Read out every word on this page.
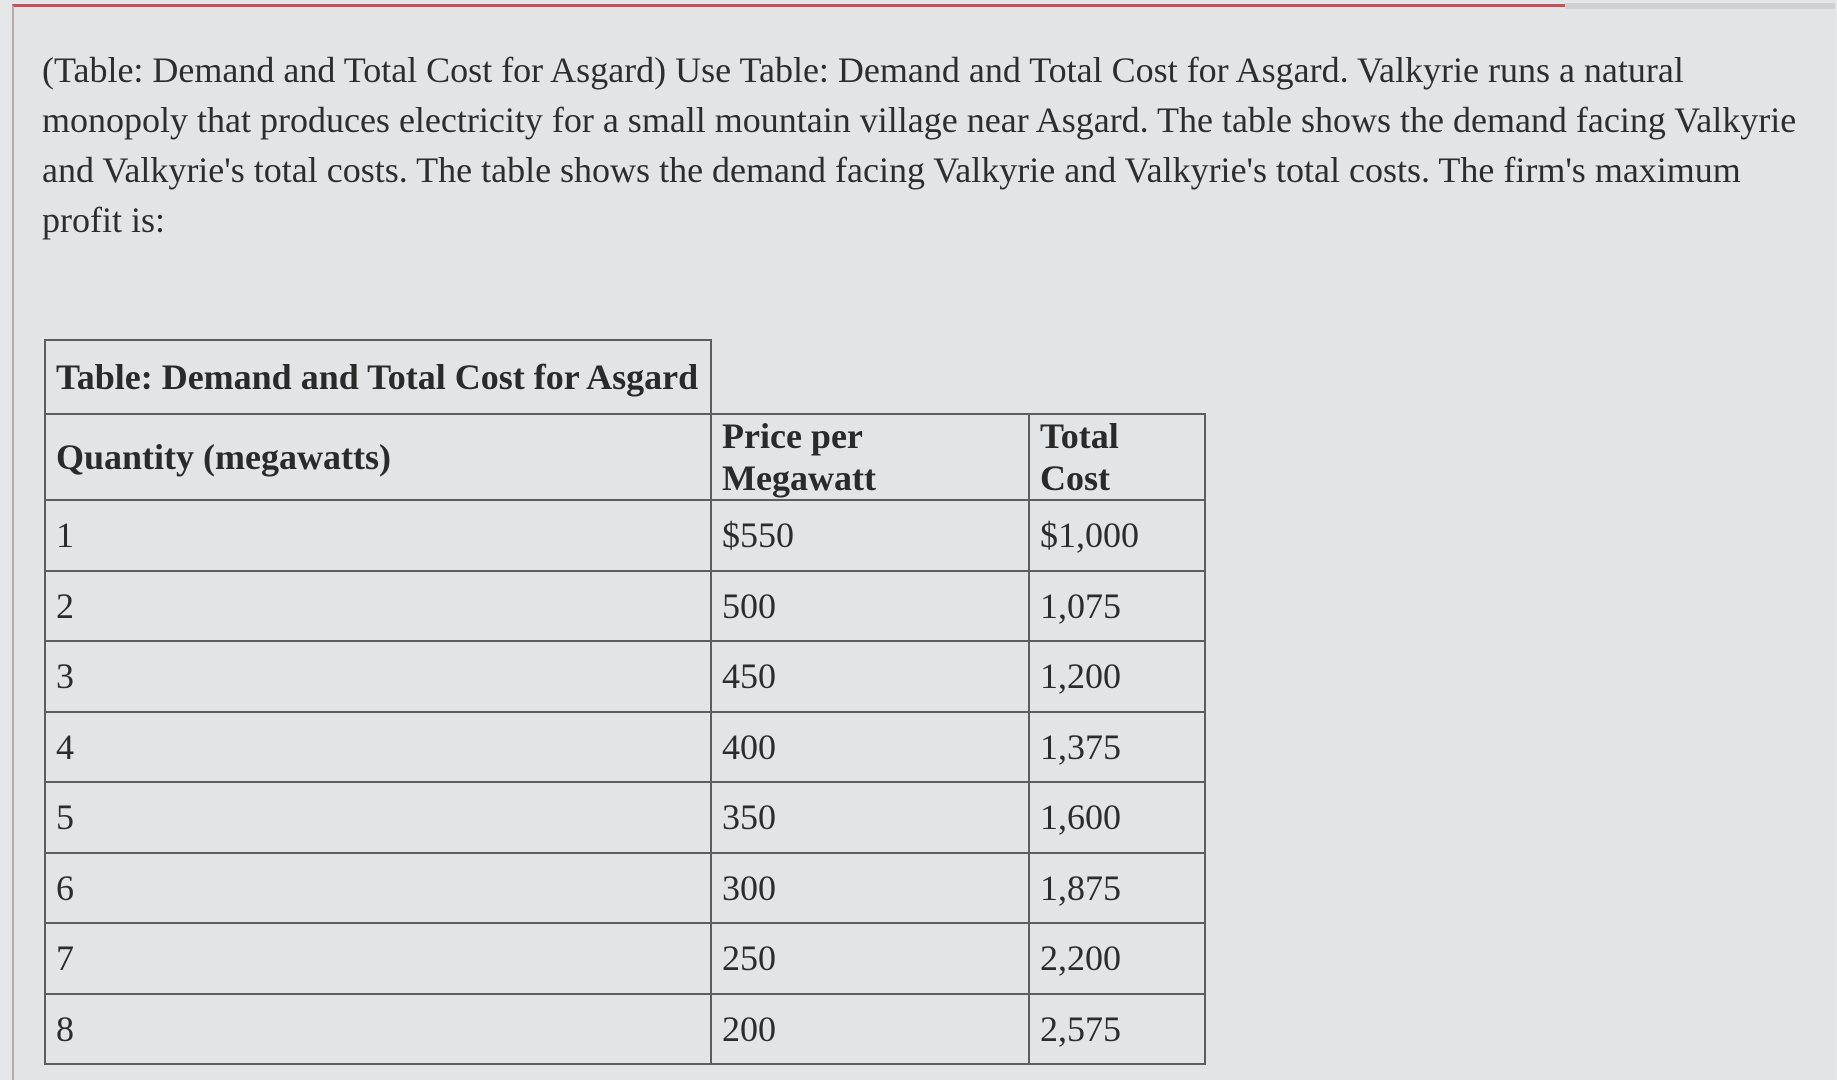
(Table: Demand and Total Cost for Asgard) Use Table: Demand and Total Cost for Asgard. Valkyrie runs a natural monopoly that produces electricity for a small mountain village near Asgard. The table shows the demand facing Valkyrie and Valkyrie's total costs. The table shows the demand facing Valkyrie and Valkyrie's total costs. The firm's maximum profit is:

Table: Demand and Total Cost for Asgard		
Quantity (megawatts)	Price per Megawatt	Total Cost
1	$550	$1,000
2	500	1,075
3	450	1,200
4	400	1,375
5	350	1,600
6	300	1,875
7	250	2,200
8	200	2,575
